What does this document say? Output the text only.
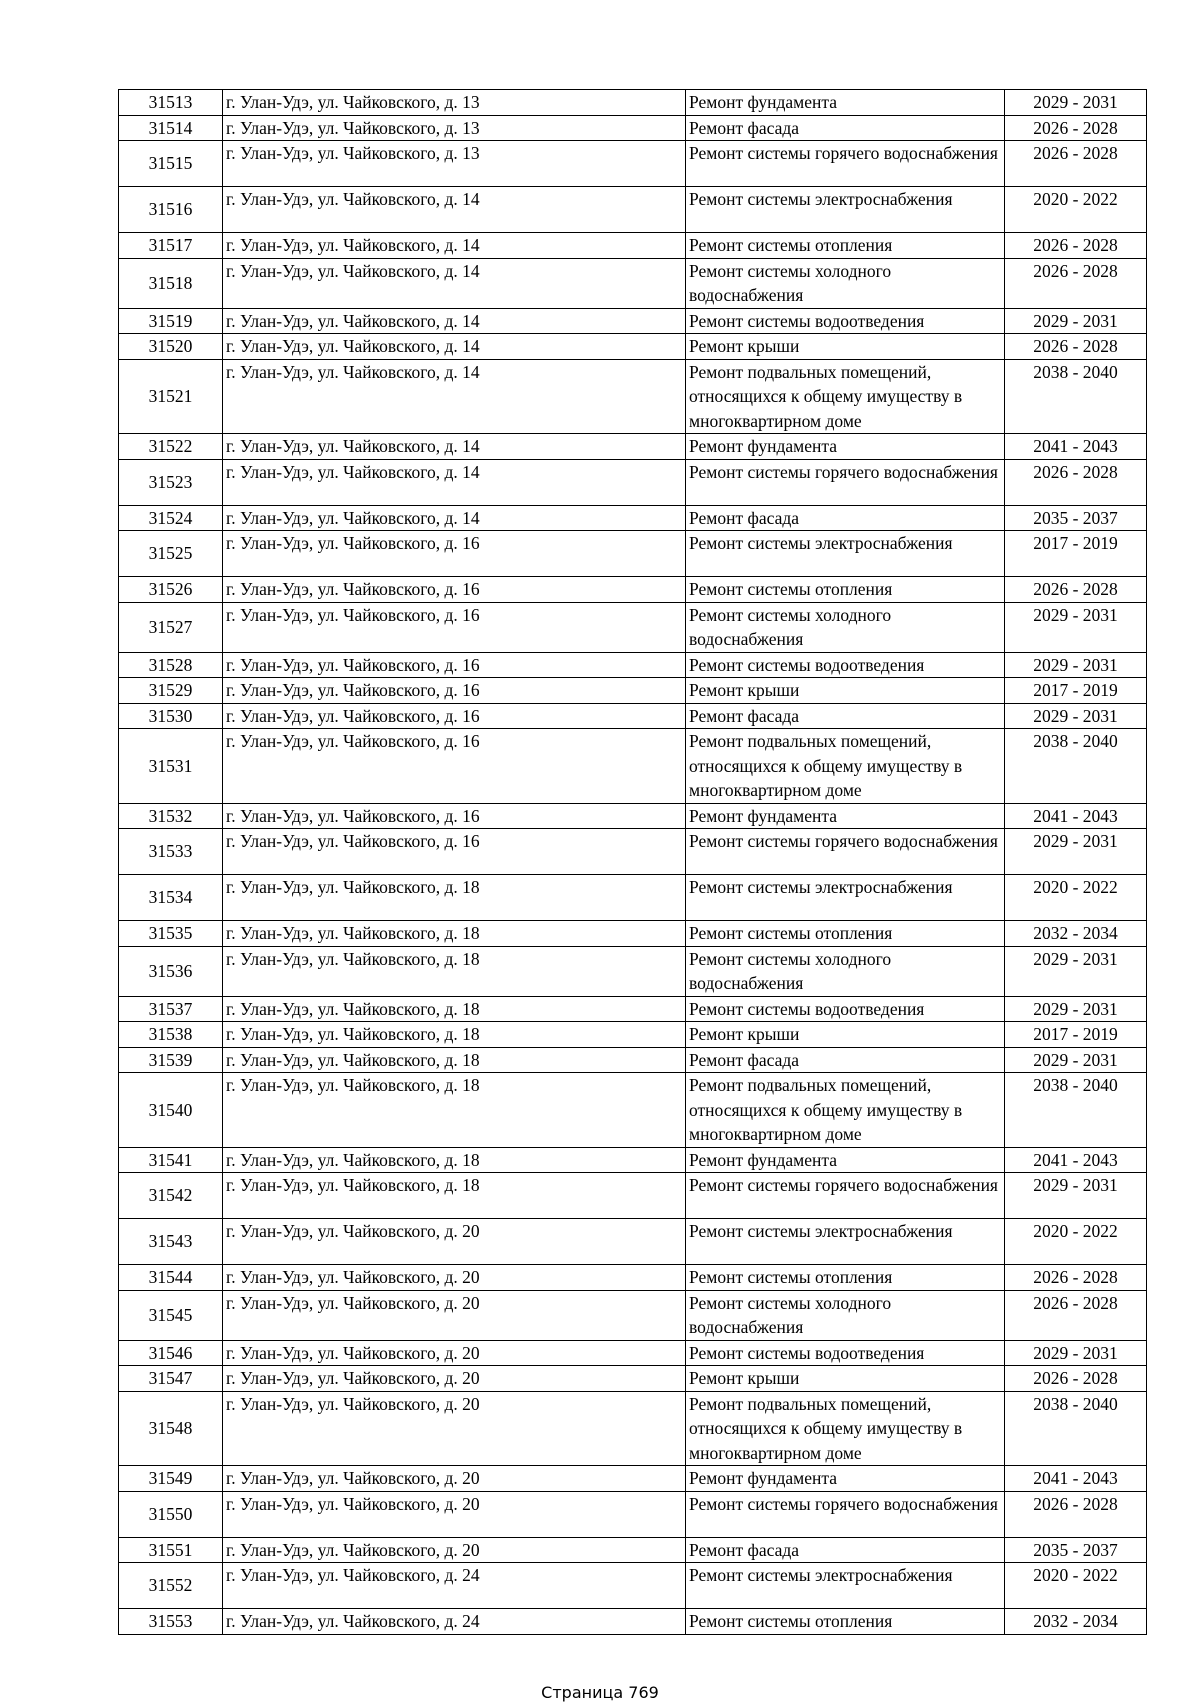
31513	г. Улан-Удэ, ул. Чайковского, д. 13	Ремонт фундамента	2029 - 2031
31514	г. Улан-Удэ, ул. Чайковского, д. 13	Ремонт фасада	2026 - 2028
31515	г. Улан-Удэ, ул. Чайковского, д. 13	Ремонт системы горячего водоснабжения	2026 - 2028
31516	г. Улан-Удэ, ул. Чайковского, д. 14	Ремонт системы электроснабжения	2020 - 2022
31517	г. Улан-Удэ, ул. Чайковского, д. 14	Ремонт системы отопления	2026 - 2028
31518	г. Улан-Удэ, ул. Чайковского, д. 14	Ремонт системы холодного водоснабжения	2026 - 2028
31519	г. Улан-Удэ, ул. Чайковского, д. 14	Ремонт системы водоотведения	2029 - 2031
31520	г. Улан-Удэ, ул. Чайковского, д. 14	Ремонт крыши	2026 - 2028
31521	г. Улан-Удэ, ул. Чайковского, д. 14	Ремонт подвальных помещений, относящихся к общему имуществу в многоквартирном доме	2038 - 2040
31522	г. Улан-Удэ, ул. Чайковского, д. 14	Ремонт фундамента	2041 - 2043
31523	г. Улан-Удэ, ул. Чайковского, д. 14	Ремонт системы горячего водоснабжения	2026 - 2028
31524	г. Улан-Удэ, ул. Чайковского, д. 14	Ремонт фасада	2035 - 2037
31525	г. Улан-Удэ, ул. Чайковского, д. 16	Ремонт системы электроснабжения	2017 - 2019
31526	г. Улан-Удэ, ул. Чайковского, д. 16	Ремонт системы отопления	2026 - 2028
31527	г. Улан-Удэ, ул. Чайковского, д. 16	Ремонт системы холодного водоснабжения	2029 - 2031
31528	г. Улан-Удэ, ул. Чайковского, д. 16	Ремонт системы водоотведения	2029 - 2031
31529	г. Улан-Удэ, ул. Чайковского, д. 16	Ремонт крыши	2017 - 2019
31530	г. Улан-Удэ, ул. Чайковского, д. 16	Ремонт фасада	2029 - 2031
31531	г. Улан-Удэ, ул. Чайковского, д. 16	Ремонт подвальных помещений, относящихся к общему имуществу в многоквартирном доме	2038 - 2040
31532	г. Улан-Удэ, ул. Чайковского, д. 16	Ремонт фундамента	2041 - 2043
31533	г. Улан-Удэ, ул. Чайковского, д. 16	Ремонт системы горячего водоснабжения	2029 - 2031
31534	г. Улан-Удэ, ул. Чайковского, д. 18	Ремонт системы электроснабжения	2020 - 2022
31535	г. Улан-Удэ, ул. Чайковского, д. 18	Ремонт системы отопления	2032 - 2034
31536	г. Улан-Удэ, ул. Чайковского, д. 18	Ремонт системы холодного водоснабжения	2029 - 2031
31537	г. Улан-Удэ, ул. Чайковского, д. 18	Ремонт системы водоотведения	2029 - 2031
31538	г. Улан-Удэ, ул. Чайковского, д. 18	Ремонт крыши	2017 - 2019
31539	г. Улан-Удэ, ул. Чайковского, д. 18	Ремонт фасада	2029 - 2031
31540	г. Улан-Удэ, ул. Чайковского, д. 18	Ремонт подвальных помещений, относящихся к общему имуществу в многоквартирном доме	2038 - 2040
31541	г. Улан-Удэ, ул. Чайковского, д. 18	Ремонт фундамента	2041 - 2043
31542	г. Улан-Удэ, ул. Чайковского, д. 18	Ремонт системы горячего водоснабжения	2029 - 2031
31543	г. Улан-Удэ, ул. Чайковского, д. 20	Ремонт системы электроснабжения	2020 - 2022
31544	г. Улан-Удэ, ул. Чайковского, д. 20	Ремонт системы отопления	2026 - 2028
31545	г. Улан-Удэ, ул. Чайковского, д. 20	Ремонт системы холодного водоснабжения	2026 - 2028
31546	г. Улан-Удэ, ул. Чайковского, д. 20	Ремонт системы водоотведения	2029 - 2031
31547	г. Улан-Удэ, ул. Чайковского, д. 20	Ремонт крыши	2026 - 2028
31548	г. Улан-Удэ, ул. Чайковского, д. 20	Ремонт подвальных помещений, относящихся к общему имуществу в многоквартирном доме	2038 - 2040
31549	г. Улан-Удэ, ул. Чайковского, д. 20	Ремонт фундамента	2041 - 2043
31550	г. Улан-Удэ, ул. Чайковского, д. 20	Ремонт системы горячего водоснабжения	2026 - 2028
31551	г. Улан-Удэ, ул. Чайковского, д. 20	Ремонт фасада	2035 - 2037
31552	г. Улан-Удэ, ул. Чайковского, д. 24	Ремонт системы электроснабжения	2020 - 2022
31553	г. Улан-Удэ, ул. Чайковского, д. 24	Ремонт системы отопления	2032 - 2034
Страница 769
